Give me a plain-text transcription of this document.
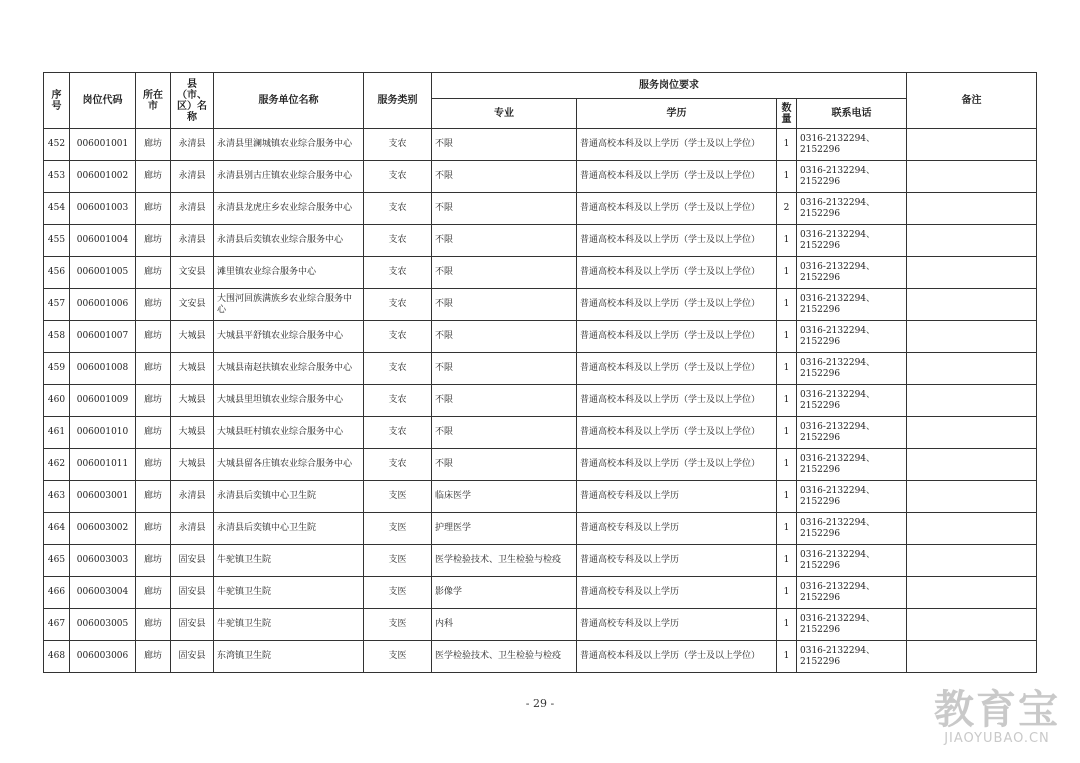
序号	岗位代码	所在市	县（市、区）名称	服务单位名称	服务类别	服务岗位要求				备注
						专业	学历	数量	联系电话	
452	006001001	廊坊	永清县	永清县里澜城镇农业综合服务中心	支农	不限	普通高校本科及以上学历（学士及以上学位）	1	0316-2132294、2152296	
453	006001002	廊坊	永清县	永清县别古庄镇农业综合服务中心	支农	不限	普通高校本科及以上学历（学士及以上学位）	1	0316-2132294、2152296	
454	006001003	廊坊	永清县	永清县龙虎庄乡农业综合服务中心	支农	不限	普通高校本科及以上学历（学士及以上学位）	2	0316-2132294、2152296	
455	006001004	廊坊	永清县	永清县后奕镇农业综合服务中心	支农	不限	普通高校本科及以上学历（学士及以上学位）	1	0316-2132294、2152296	
456	006001005	廊坊	文安县	滩里镇农业综合服务中心	支农	不限	普通高校本科及以上学历（学士及以上学位）	1	0316-2132294、2152296	
457	006001006	廊坊	文安县	大围河回族满族乡农业综合服务中心	支农	不限	普通高校本科及以上学历（学士及以上学位）	1	0316-2132294、2152296	
458	006001007	廊坊	大城县	大城县平舒镇农业综合服务中心	支农	不限	普通高校本科及以上学历（学士及以上学位）	1	0316-2132294、2152296	
459	006001008	廊坊	大城县	大城县南赵扶镇农业综合服务中心	支农	不限	普通高校本科及以上学历（学士及以上学位）	1	0316-2132294、2152296	
460	006001009	廊坊	大城县	大城县里坦镇农业综合服务中心	支农	不限	普通高校本科及以上学历（学士及以上学位）	1	0316-2132294、2152296	
461	006001010	廊坊	大城县	大城县旺村镇农业综合服务中心	支农	不限	普通高校本科及以上学历（学士及以上学位）	1	0316-2132294、2152296	
462	006001011	廊坊	大城县	大城县留各庄镇农业综合服务中心	支农	不限	普通高校本科及以上学历（学士及以上学位）	1	0316-2132294、2152296	
463	006003001	廊坊	永清县	永清县后奕镇中心卫生院	支医	临床医学	普通高校专科及以上学历	1	0316-2132294、2152296	
464	006003002	廊坊	永清县	永清县后奕镇中心卫生院	支医	护理医学	普通高校专科及以上学历	1	0316-2132294、2152296	
465	006003003	廊坊	固安县	牛驼镇卫生院	支医	医学检验技术、卫生检验与检疫	普通高校专科及以上学历	1	0316-2132294、2152296	
466	006003004	廊坊	固安县	牛驼镇卫生院	支医	影像学	普通高校专科及以上学历	1	0316-2132294、2152296	
467	006003005	廊坊	固安县	牛驼镇卫生院	支医	内科	普通高校专科及以上学历	1	0316-2132294、2152296	
468	006003006	廊坊	固安县	东湾镇卫生院	支医	医学检验技术、卫生检验与检疫	普通高校本科及以上学历（学士及以上学位）	1	0316-2132294、2152296	
- 29 -	教育宝
JIAOYUBAO.CN
